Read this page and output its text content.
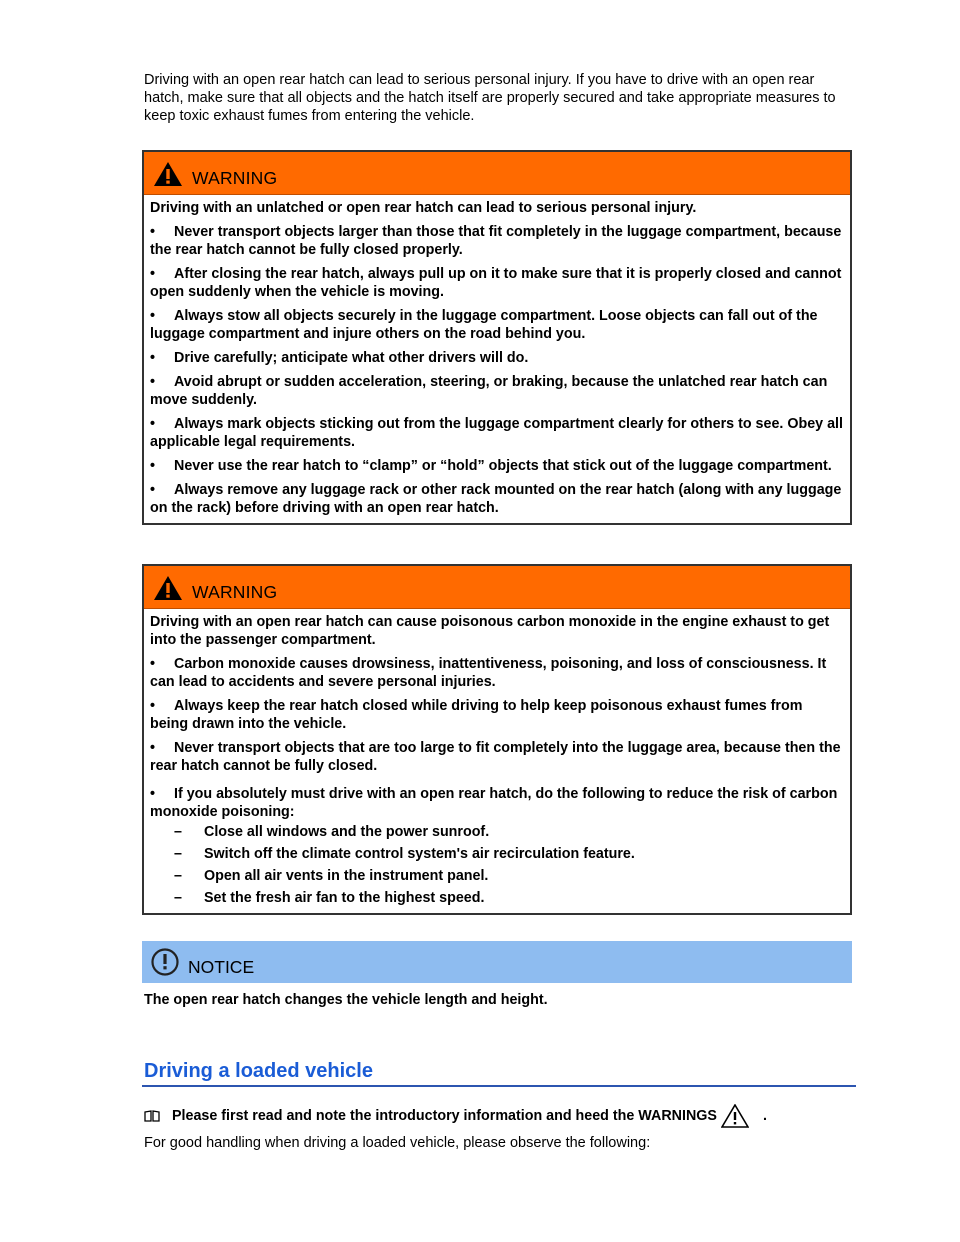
Driving with an open rear hatch can lead to serious personal injury. If you have to drive with an open rear hatch, make sure that all objects and the hatch itself are properly secured and take appropriate measures to keep toxic exhaust fumes from entering the vehicle.

WARNING

Driving with an unlatched or open rear hatch can lead to serious personal injury.

• Never transport objects larger than those that fit completely in the luggage compartment, because the rear hatch cannot be fully closed properly.
• After closing the rear hatch, always pull up on it to make sure that it is properly closed and cannot open suddenly when the vehicle is moving.
• Always stow all objects securely in the luggage compartment. Loose objects can fall out of the luggage compartment and injure others on the road behind you.
• Drive carefully; anticipate what other drivers will do.
• Avoid abrupt or sudden acceleration, steering, or braking, because the unlatched rear hatch can move suddenly.
• Always mark objects sticking out from the luggage compartment clearly for others to see. Obey all applicable legal requirements.
• Never use the rear hatch to “clamp” or “hold” objects that stick out of the luggage compartment.
• Always remove any luggage rack or other rack mounted on the rear hatch (along with any luggage on the rack) before driving with an open rear hatch.
WARNING

Driving with an open rear hatch can cause poisonous carbon monoxide in the engine exhaust to get into the passenger compartment.

• Carbon monoxide causes drowsiness, inattentiveness, poisoning, and loss of consciousness. It can lead to accidents and severe personal injuries.
• Always keep the rear hatch closed while driving to help keep poisonous exhaust fumes from being drawn into the vehicle.
• Never transport objects that are too large to fit completely into the luggage area, because then the rear hatch cannot be fully closed.
• If you absolutely must drive with an open rear hatch, do the following to reduce the risk of carbon monoxide poisoning:
– Close all windows and the power sunroof.
– Switch off the climate control system's air recirculation feature.
– Open all air vents in the instrument panel.
– Set the fresh air fan to the highest speed.
NOTICE

The open rear hatch changes the vehicle length and height.

Driving a loaded vehicle
Please first read and note the introductory information and heed the WARNINGS	.

For good handling when driving a loaded vehicle, please observe the following:
